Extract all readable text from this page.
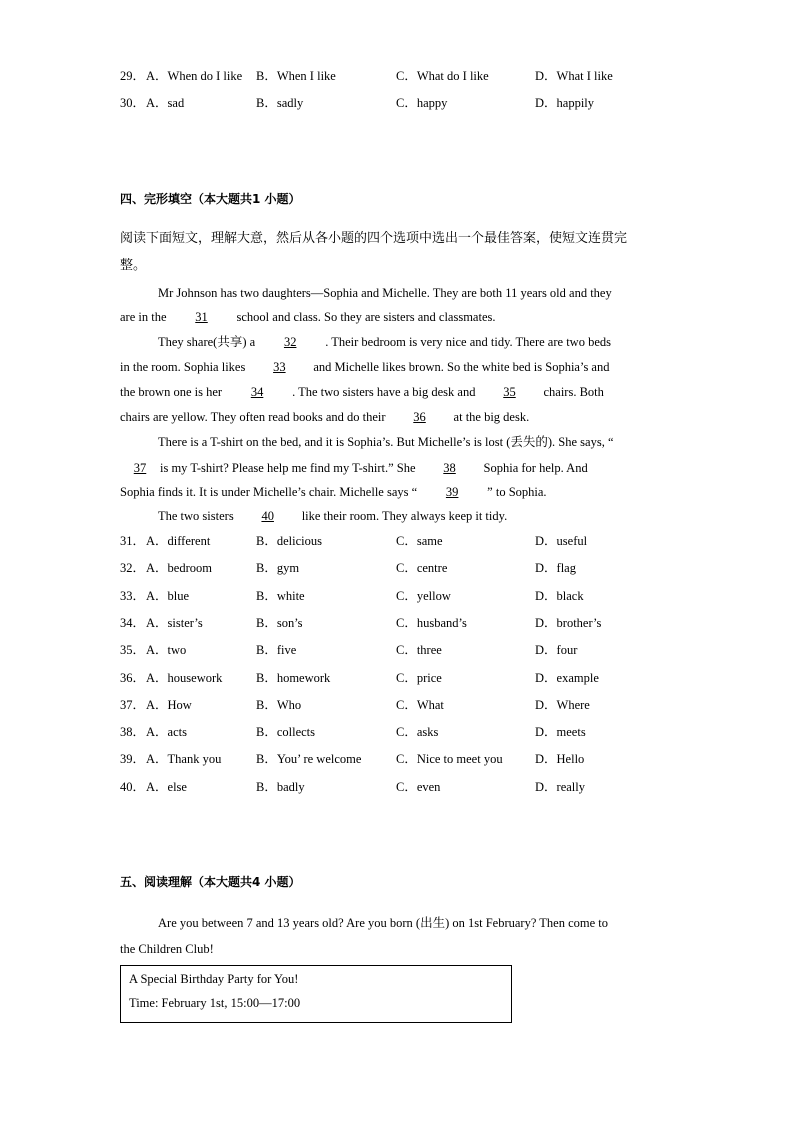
29． A．When do I like B．When I like	C．What do I like	D．What I like
30． A．sad	B．sadly	C．happy	D．happily
四、完形填空（本大题共1 小题）
阅读下面短文，理解大意，然后从各小题的四个选项中选出一个最佳答案，使短文连贯完
整。
Mr Johnson has two daughters—Sophia and Michelle. They are both 11 years old and they
are in the 31 school and class. So they are sisters and classmates.
They share(共享) a 32 . Their bedroom is very nice and tidy. There are two beds
in the room. Sophia likes 33 and Michelle likes brown. So the white bed is Sophia’s and
the brown one is her 34 . The two sisters have a big desk and 35 chairs. Both
chairs are yellow. They often read books and do their 36 at the big desk.
There is a T-shirt on the bed, and it is Sophia’s. But Michelle’s is lost (丢失的). She says, “
37 is my T-shirt? Please help me find my T-shirt.” She 38 Sophia for help. And
Sophia finds it. It is under Michelle’s chair. Michelle says “ 39 ” to Sophia.
The two sisters 40 like their room. They always keep it tidy.
31． A．different	B．delicious	C．same	D．useful
32． A．bedroom	B．gym	C．centre	D．flag
33． A．blue	B．white	C．yellow	D．black
34． A．sister’s	B．son’s	C．husband’s	D．brother’s
35． A．two	B．five	C．three	D．four
36． A．housework	B．homework	C．price	D．example
37． A．How	B．Who	C．What	D．Where
38． A．acts	B．collects	C．asks	D．meets
39． A．Thank you	B．You’ re welcome	C．Nice to meet you	D．Hello
40． A．else	B．badly	C．even	D．really
五、阅读理解（本大题共4 小题）
Are you between 7 and 13 years old? Are you born (出生) on 1st February? Then come to
the Children Club!
A Special Birthday Party for You!
Time: February 1st, 15:00—17:00
